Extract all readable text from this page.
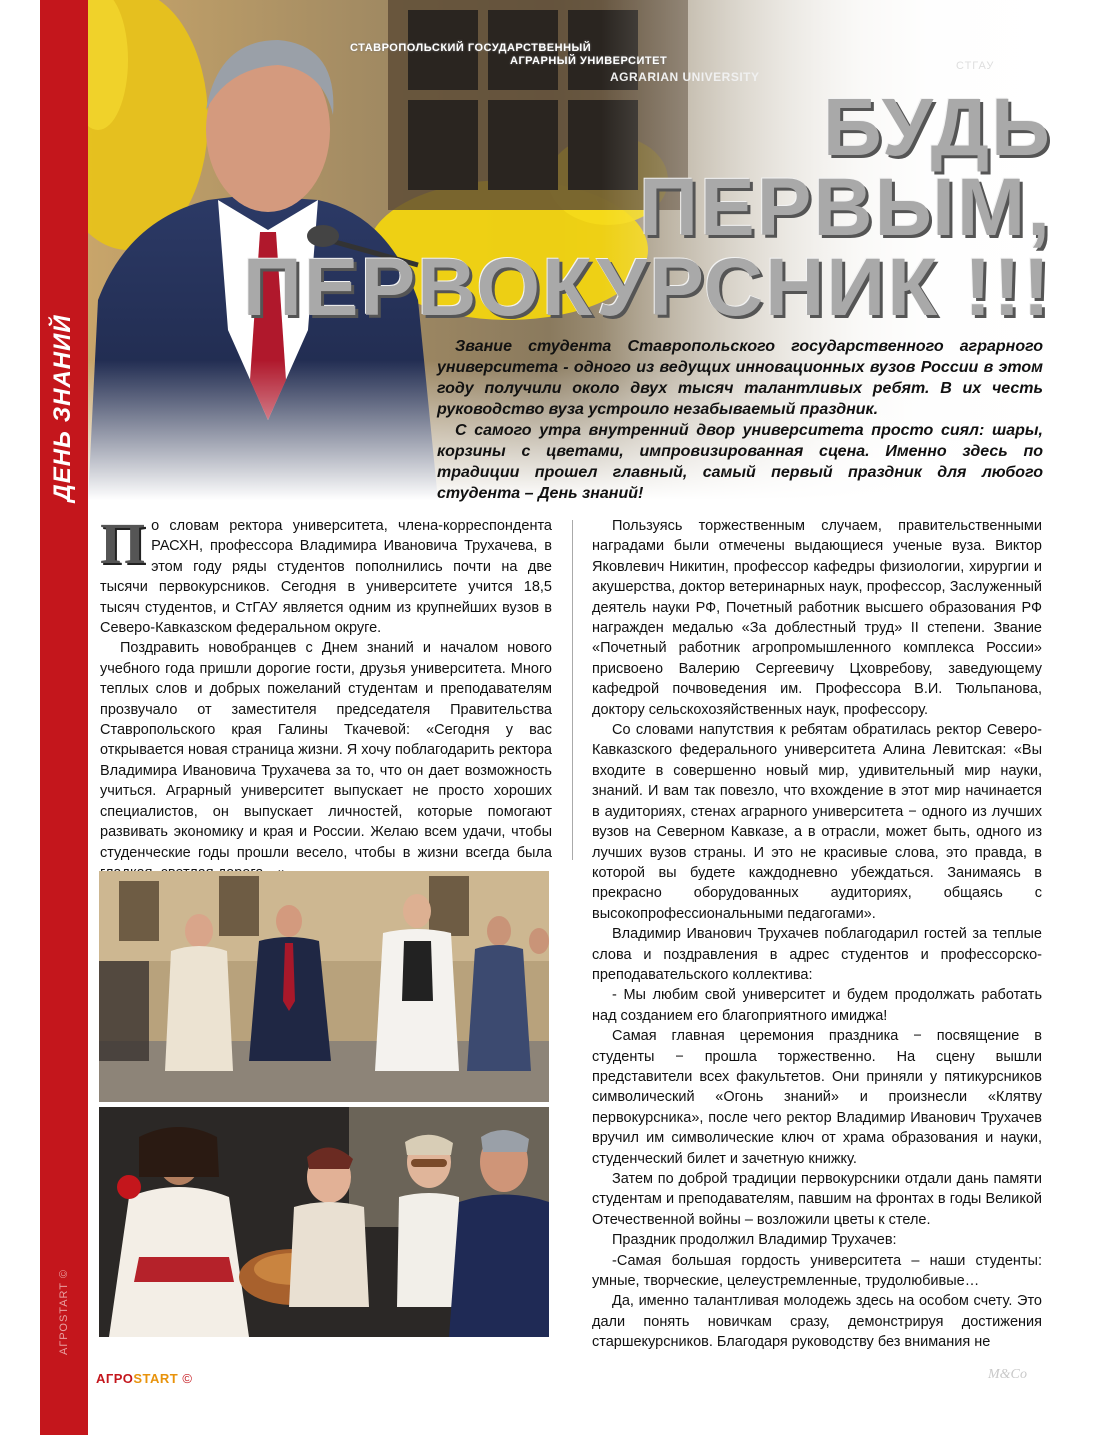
ДЕНЬ ЗНАНИЙ
АГРОSTART ©
СТАВРОПОЛЬСКИЙ ГОСУДАРСТВЕННЫЙ
АГРАРНЫЙ УНИВЕРСИТЕТ
AGRARIAN UNIVERSITY
СТГАУ
БУДЬ
ПЕРВЫМ,
ПЕРВОКУРСНИК !!!

Звание студента Ставропольского государственного аграрного университета - одного из ведущих инновационных вузов России в этом году получили около двух тысяч талантливых ребят. В их честь руководство вуза устроило незабываемый праздник.

С самого утра внутренний двор университета просто сиял: шары, корзины с цветами, импровизированная сцена. Именно здесь по традиции прошел главный, самый первый праздник для любого студента – День знаний!

По словам ректора университета, члена-корреспондента РАСХН, профессора Владимира Ивановича Трухачева, в этом году ряды студентов пополнились почти на две тысячи первокурсников. Сегодня в университете учится 18,5 тысяч студентов, и СтГАУ является одним из крупнейших вузов в Северо-Кавказском федеральном округе.

Поздравить новобранцев с Днем знаний и началом нового учебного года пришли дорогие гости, друзья университета. Много теплых слов и добрых пожеланий студентам и преподавателям прозвучало от заместителя председателя Правительства Ставропольского края Галины Ткачевой: «Сегодня у вас открывается новая страница жизни. Я хочу поблагодарить ректора Владимира Ивановича Трухачева за то, что он дает возможность учиться. Аграрный университет выпускает не просто хороших специалистов, он выпускает личностей, которые помогают развивать экономику и края и России. Желаю всем удачи, чтобы студенческие годы прошли весело, чтобы в жизни всегда была

Пользуясь торжественным случаем, правительственными наградами были отмечены выдающиеся ученые вуза. Виктор Яковлевич Никитин, профессор кафедры физиологии, хирургии и акушерства, доктор ветеринарных наук, профессор, Заслуженный деятель науки РФ, Почетный работник высшего образования РФ награжден медалью «За доблестный труд» II степени. Звание «Почетный работник агропромышленного комплекса России» присвоено Валерию Сергеевичу Цховребову, заведующему кафедрой почвоведения им. Профессора В.И. Тюльпанова, доктору сельскохозяйственных наук, профессору.

Со словами напутствия к ребятам обратилась ректор Северо-Кавказского федерального университета Алина Левитская: «Вы входите в совершенно новый мир, удивительный мир науки, знаний. И вам так повезло, что вхождение в этот мир начинается в аудиториях, стенах аграрного университета − одного из лучших вузов на Северном Кавказе, а в отрасли, может быть, одного из лучших вузов страны. И это не красивые слова, это правда, в которой вы будете каждодневно убеждаться. Занимаясь в прекрасно оборудованных аудиториях, общаясь с высокопрофессиональными педагогами».

Владимир Иванович Трухачев поблагодарил гостей за теплые слова и поздравления в адрес студентов и профессорско-преподавательского коллектива:

- Мы любим свой университет и будем продолжать работать над созданием его благоприятного имиджа!

Самая главная церемония праздника − посвящение в студенты − прошла торжественно. На сцену вышли представители всех факультетов. Они приняли у пятикурсников символический «Огонь знаний» и произнесли «Клятву первокурсника», после чего ректор Владимир Иванович Трухачев вручил им символические ключ от храма образования и науки, студенческий билет и зачетную книжку.

Затем по доброй традиции первокурсники отдали дань памяти студентам и преподавателям, павшим на фронтах в годы Великой Отечественной войны – возложили цветы к стеле.

Праздник продолжил Владимир Трухачев:

-Самая большая гордость университета – наши студенты: умные, творческие, целеустремленные, трудолюбивые…

Да, именно талантливая молодежь здесь на особом счету. Это дали понять новичкам сразу, демонстрируя достижения старшекурсников. Благодаря руководству без внимания не

АГРОSTART ©	М&Со
